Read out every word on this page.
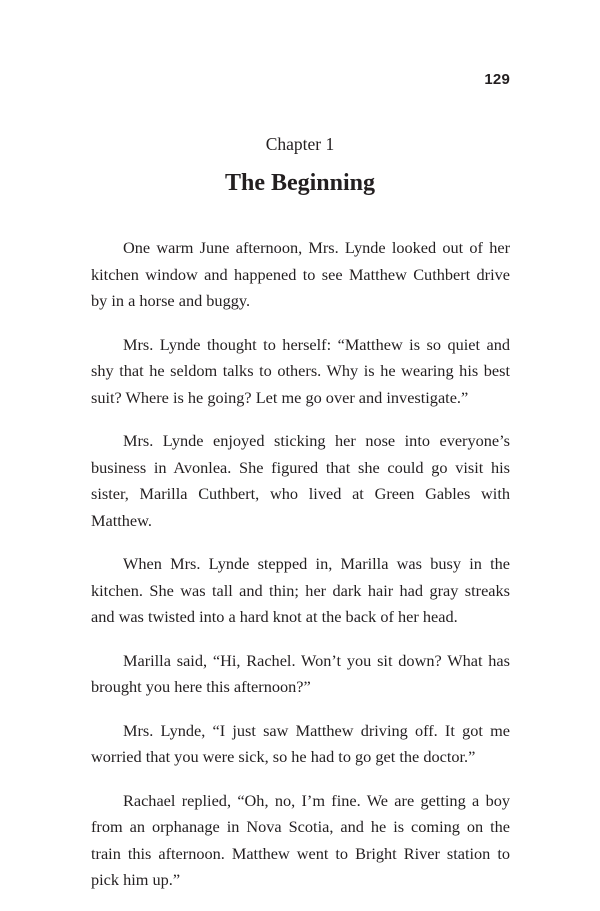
129
Chapter 1
The Beginning

One warm June afternoon, Mrs. Lynde looked out of her kitchen window and happened to see Matthew Cuthbert drive by in a horse and buggy.

Mrs. Lynde thought to herself: “Matthew is so quiet and shy that he seldom talks to others. Why is he wearing his best suit? Where is he going? Let me go over and investigate.”

Mrs. Lynde enjoyed sticking her nose into everyone’s business in Avonlea. She figured that she could go visit his sister, Marilla Cuthbert, who lived at Green Gables with Matthew.

When Mrs. Lynde stepped in, Marilla was busy in the kitchen. She was tall and thin; her dark hair had gray streaks and was twisted into a hard knot at the back of her head.

Marilla said, “Hi, Rachel. Won’t you sit down? What has brought you here this afternoon?”

Mrs. Lynde, “I just saw Matthew driving off. It got me worried that you were sick, so he had to go get the doctor.”

Rachael replied, “Oh, no, I’m fine. We are getting a boy from an orphanage in Nova Scotia, and he is coming on the train this afternoon. Matthew went to Bright River station to pick him up.”
